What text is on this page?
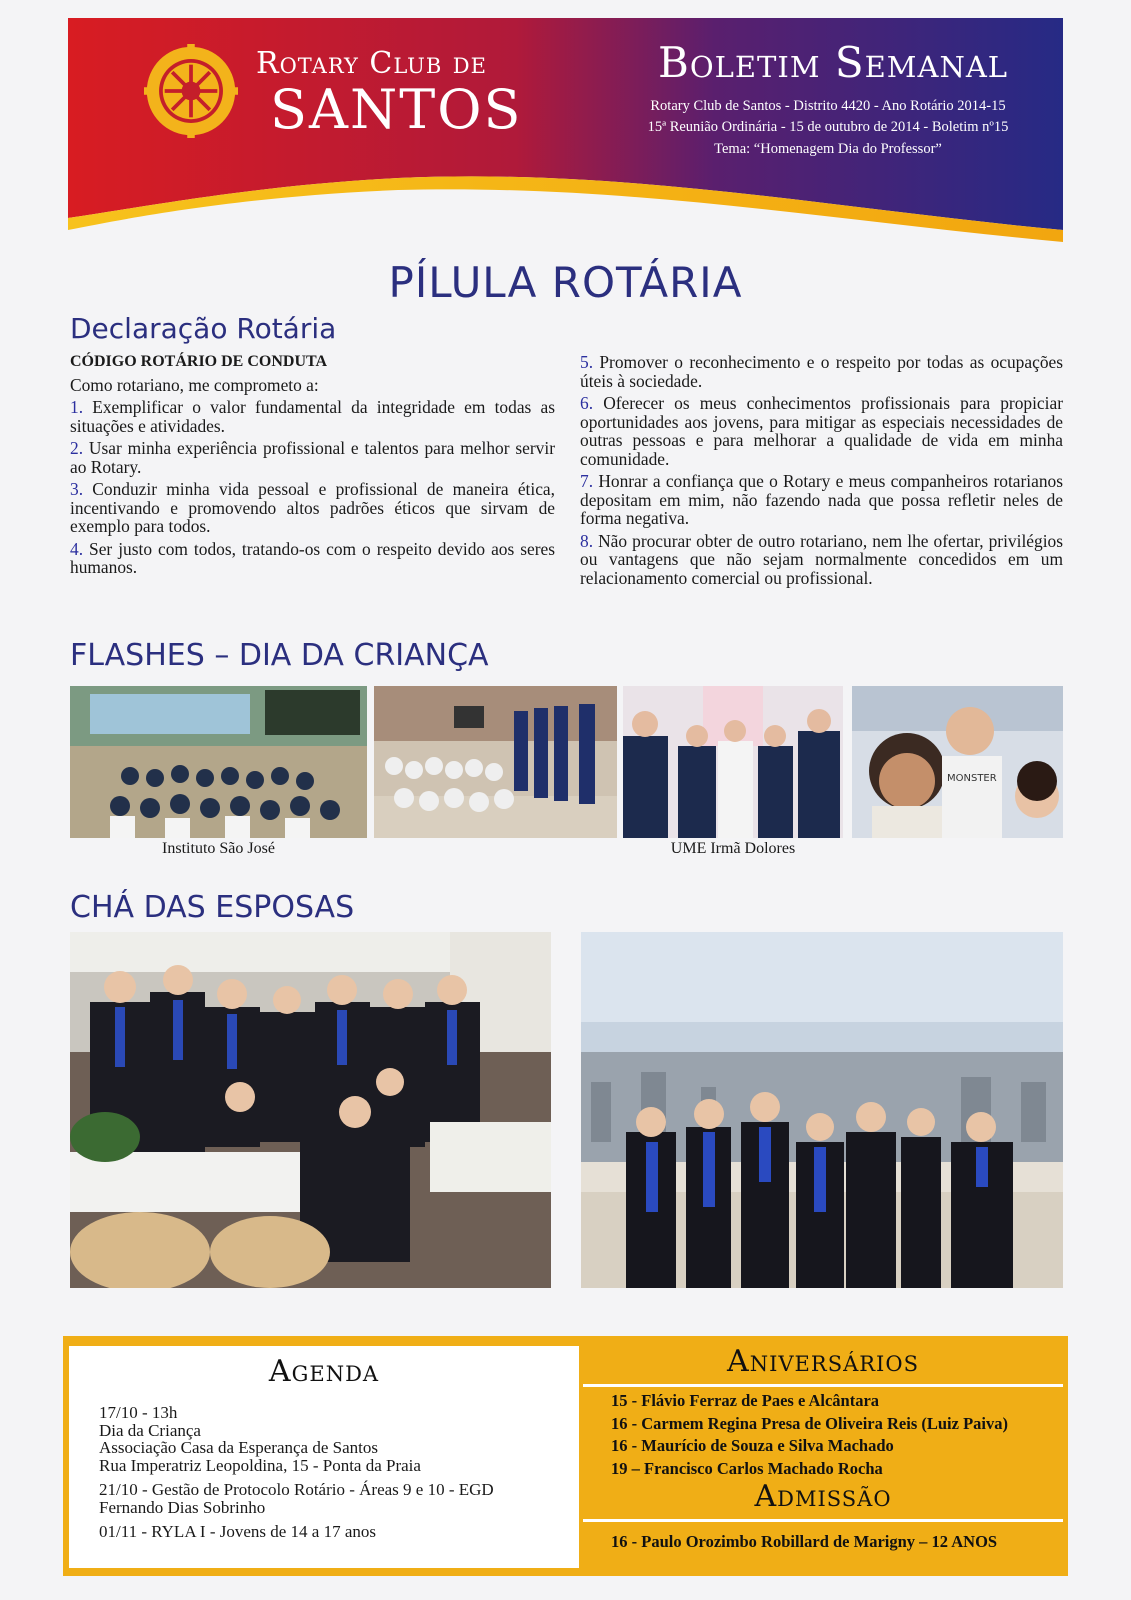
Rotary Club de
SANTOS
Boletim Semanal
Rotary Club de Santos - Distrito 4420 - Ano Rotário 2014-15
15ª Reunião Ordinária - 15 de outubro de 2014 - Boletim nº15
Tema: “Homenagem Dia do Professor”
PÍLULA ROTÁRIA
Declaração Rotária

CÓDIGO ROTÁRIO DE CONDUTA

Como rotariano, me comprometo a:

1. Exemplificar o valor fundamental da integridade em todas as situações e atividades.

2. Usar minha experiência profissional e talentos para melhor servir ao Rotary.

3. Conduzir minha vida pessoal e profissional de maneira ética, incentivando e promovendo altos padrões éticos que sirvam de exemplo para todos.

4. Ser justo com todos, tratando-os com o respeito devido aos seres humanos.

5. Promover o reconhecimento e o respeito por todas as ocupações úteis à sociedade.

6. Oferecer os meus conhecimentos profissionais para propiciar oportunidades aos jovens, para mitigar as especiais necessidades de outras pessoas e para melhorar a qualidade de vida em minha comunidade.

7. Honrar a confiança que o Rotary e meus companheiros rotarianos depositam em mim, não fazendo nada que possa refletir neles de forma negativa.

8. Não procurar obter de outro rotariano, nem lhe ofertar, privilégios ou vantagens que não sejam normalmente concedidos em um relacionamento comercial ou profissional.

FLASHES – DIA DA CRIANÇA
MONSTER
Instituto São José	UME Irmã Dolores
CHÁ DAS ESPOSAS
Agenda

17/10 - 13h
Dia da Criança
Associação Casa da Esperança de Santos
Rua Imperatriz Leopoldina, 15 - Ponta da Praia

21/10 - Gestão de Protocolo Rotário - Áreas 9 e 10 - EGD
Fernando Dias Sobrinho

01/11 - RYLA I - Jovens de 14 a 17 anos

Aniversários
15 - Flávio Ferraz de Paes e Alcântara
16 - Carmem Regina Presa de Oliveira Reis (Luiz Paiva)
16 - Maurício de Souza e Silva Machado
19 – Francisco Carlos Machado Rocha
Admissão
16 - Paulo Orozimbo Robillard de Marigny – 12 ANOS
